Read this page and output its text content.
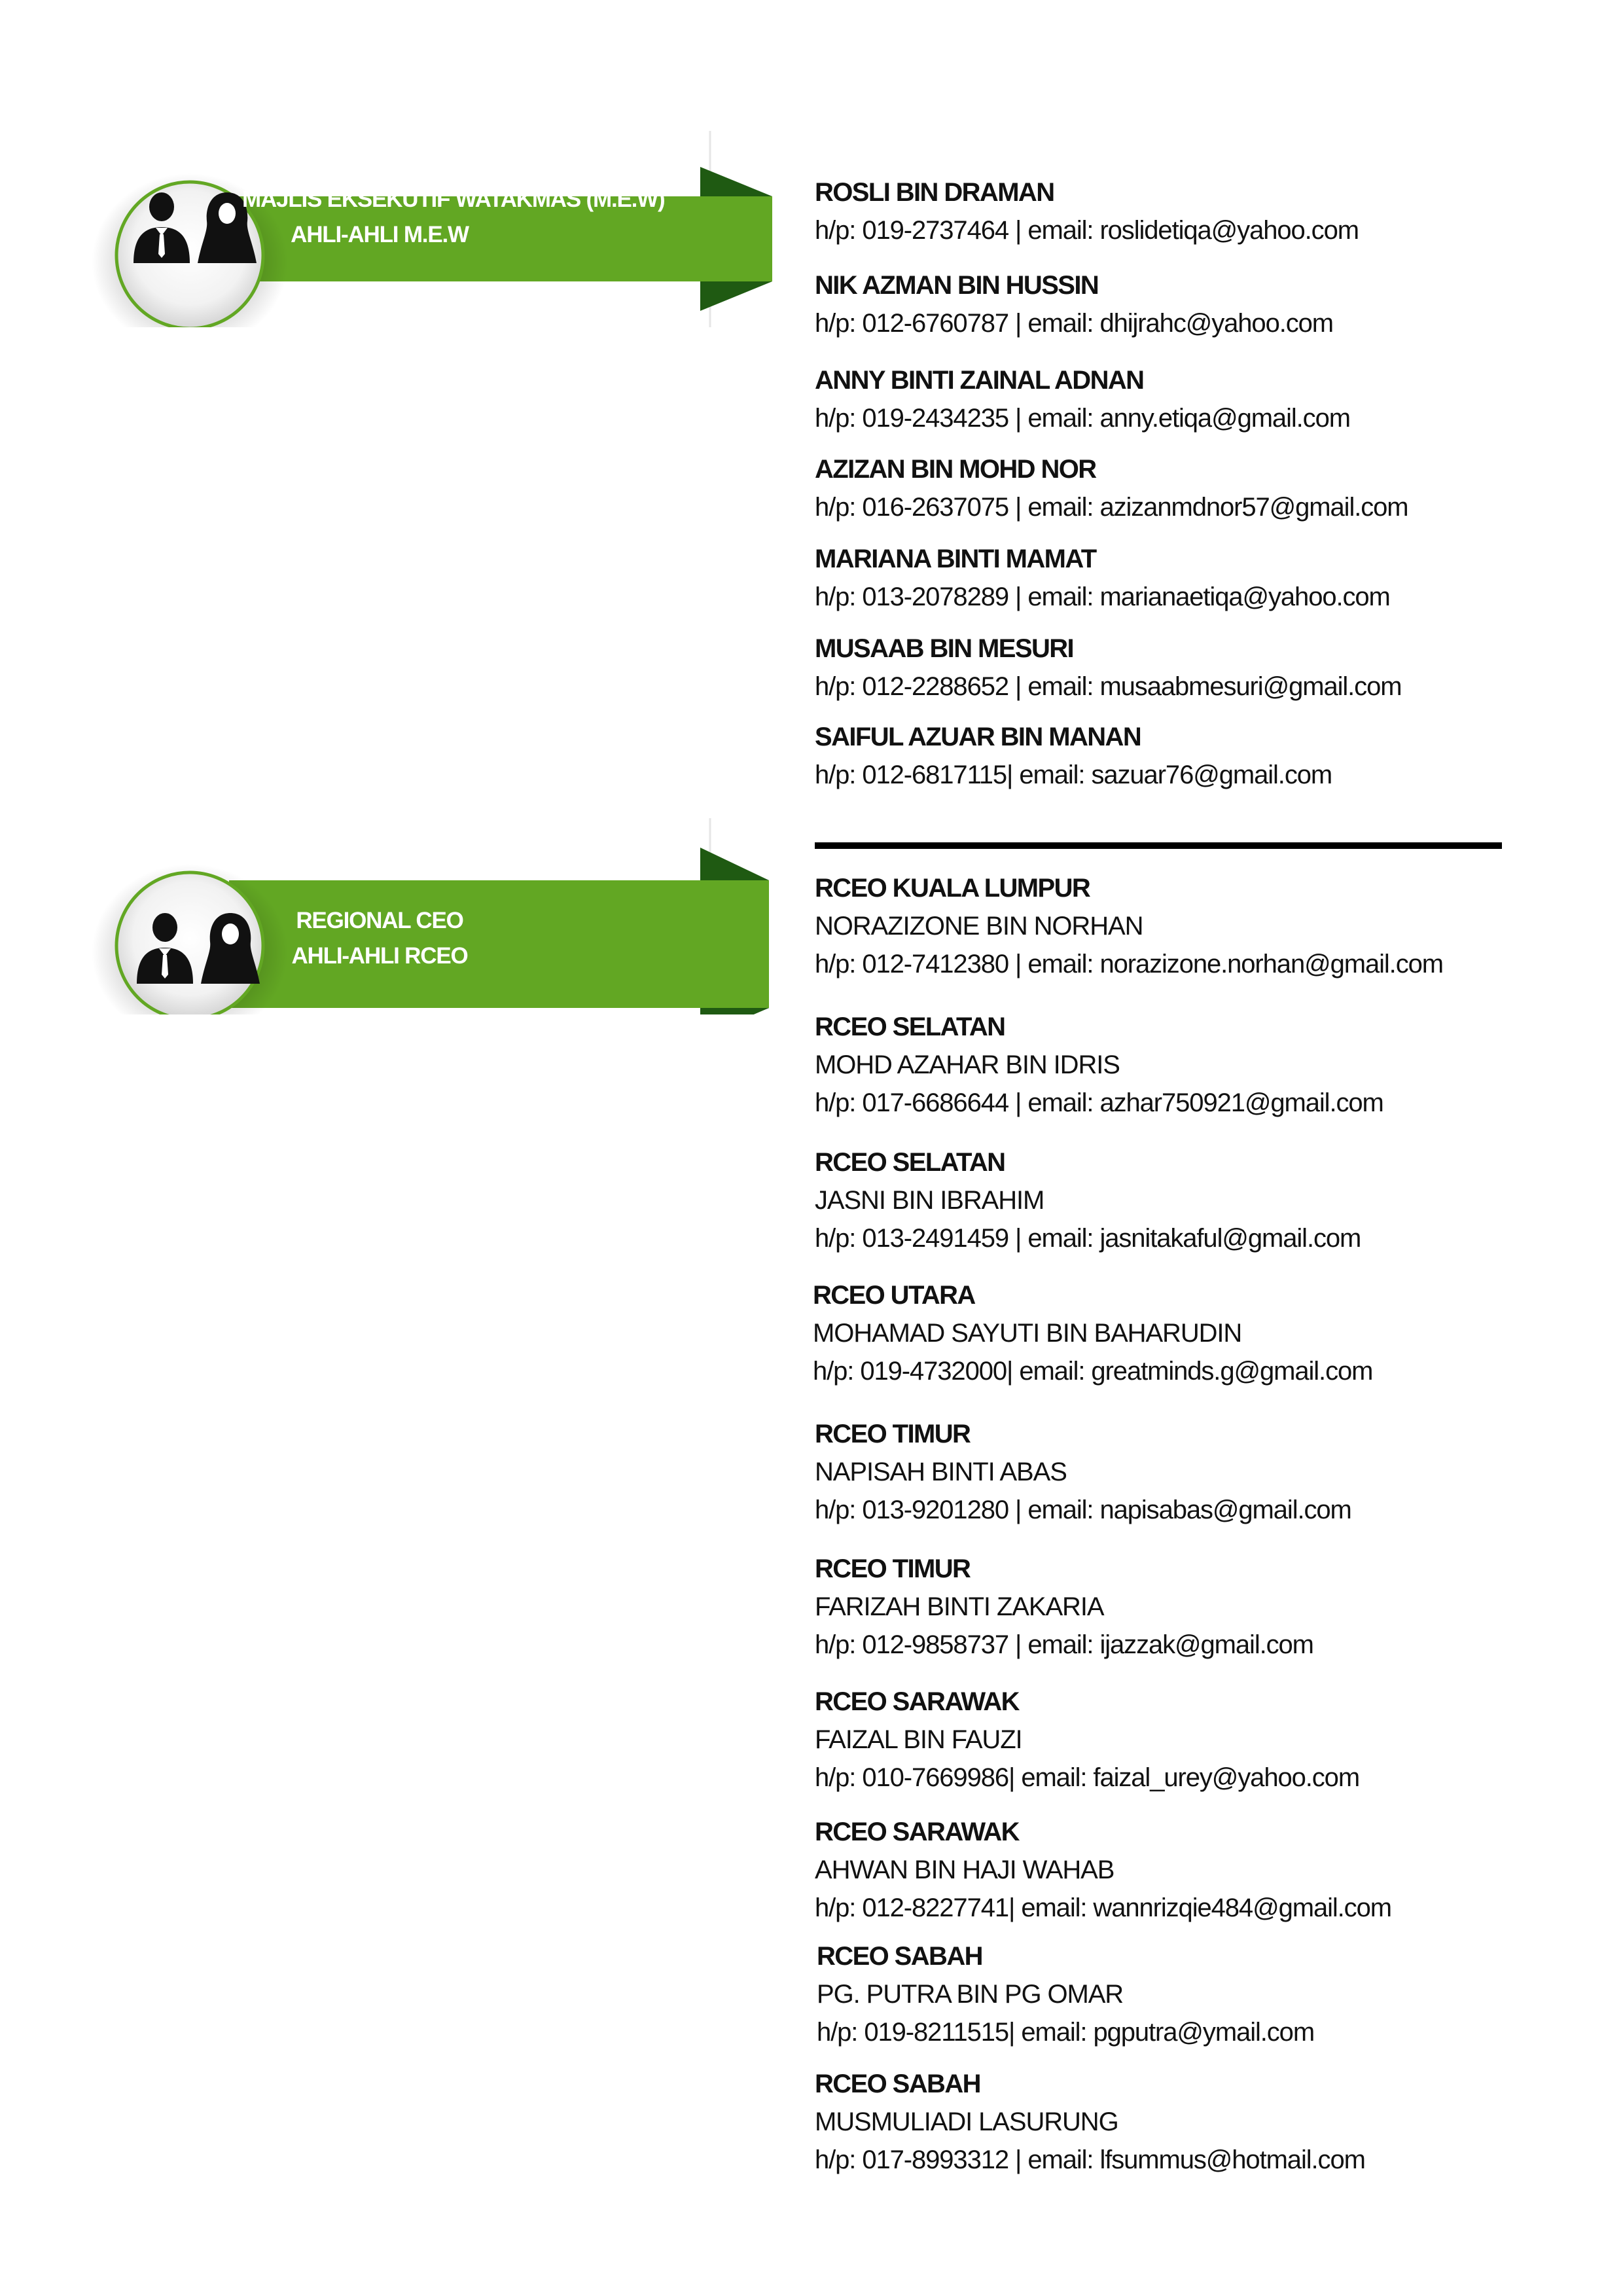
MAJLIS EKSEKUTIF WATAKMAS (M.E.W)
AHLI-AHLI M.E.W
REGIONAL CEO
AHLI-AHLI RCEO
ROSLI BIN DRAMAN
h/p: 019-2737464 | email: roslidetiqa@yahoo.com
NIK AZMAN BIN HUSSIN
h/p: 012-6760787 | email: dhijrahc@yahoo.com
ANNY BINTI ZAINAL ADNAN
h/p: 019-2434235 | email: anny.etiqa@gmail.com
AZIZAN BIN MOHD NOR
h/p: 016-2637075 | email: azizanmdnor57@gmail.com
MARIANA BINTI MAMAT
h/p: 013-2078289 | email: marianaetiqa@yahoo.com
MUSAAB BIN MESURI
h/p: 012-2288652 | email: musaabmesuri@gmail.com
SAIFUL AZUAR BIN MANAN
h/p: 012-6817115| email: sazuar76@gmail.com
RCEO KUALA LUMPUR
NORAZIZONE BIN NORHAN
h/p: 012-7412380 | email: norazizone.norhan@gmail.com
RCEO SELATAN
MOHD AZAHAR BIN IDRIS
h/p: 017-6686644 | email: azhar750921@gmail.com
RCEO SELATAN
JASNI BIN IBRAHIM
h/p: 013-2491459 | email: jasnitakaful@gmail.com
RCEO UTARA
MOHAMAD SAYUTI BIN BAHARUDIN
h/p: 019-4732000| email: greatminds.g@gmail.com
RCEO TIMUR
NAPISAH BINTI ABAS
h/p: 013-9201280 | email: napisabas@gmail.com
RCEO TIMUR
FARIZAH BINTI ZAKARIA
h/p: 012-9858737 | email: ijazzak@gmail.com
RCEO SARAWAK
FAIZAL BIN FAUZI
h/p: 010-7669986| email: faizal_urey@yahoo.com
RCEO SARAWAK
AHWAN BIN HAJI WAHAB
h/p: 012-8227741| email: wannrizqie484@gmail.com
RCEO SABAH
PG. PUTRA BIN PG OMAR
h/p: 019-8211515| email: pgputra@ymail.com
RCEO SABAH
MUSMULIADI LASURUNG
h/p: 017-8993312 | email: lfsummus@hotmail.com
